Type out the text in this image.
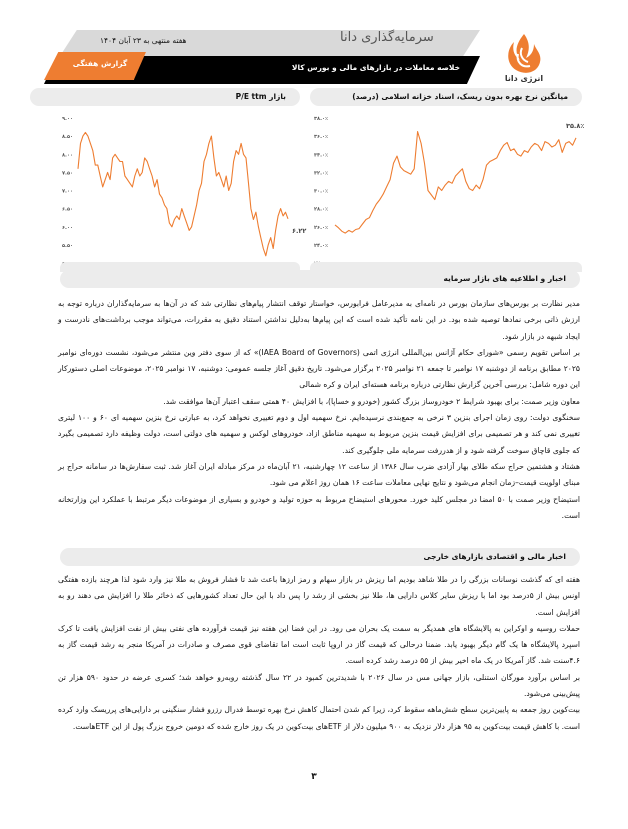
هفته منتهی به ۲۳ آبان ۱۴۰۴	سرمایه‌گذاری دانا
خلاصه معاملات در بازارهای مالی و بورس کالا
گزارش هفتگی
انرژی دانا
بازار P/E ttm
۵.۵۰
۶.۰۰
۶.۵۰
۷.۰۰
۷.۵۰
۸.۰۰
۸.۵۰
۹.۰۰
۶.۲۲
میانگین نرخ بهره بدون ریسک، اسناد خزانه اسلامی (درصد)
۲۴.۰٪
۲۶.۰٪
۲۸.۰٪
۳۰.۰٪
۳۲.۰٪
۳۴.۰٪
۳۶.۰٪
۳۸.۰٪
۳۵.۸٪
اخبار و اطلاعیه های بازار سرمایه

مدیر نظارت بر بورس‌های سازمان بورس در نامه‌ای به مدیرعامل فرابورس، خواستار توقف انتشار پیام‌های نظارتی شد که در آن‌ها به سرمایه‌گذاران درباره توجه به ارزش ذاتی برخی نمادها توصیه شده بود. در این نامه تأکید شده است که این پیام‌ها به‌دلیل نداشتن استناد دقیق به مقررات، می‌تواند موجب برداشت‌های نادرست و ایجاد شبهه در بازار شود.

بر اساس تقویم رسمی «شورای حکام آژانس بین‌المللی انرژی اتمی (IAEA Board of Governors)» که از سوی دفتر وین منتشر می‌شود، نشست دوره‌ای نوامبر ۲۰۲۵ مطابق برنامه از دوشنبه ۱۷ نوامبر تا جمعه ۲۱ نوامبر ۲۰۲۵ برگزار می‌شود. تاریخ دقیق آغاز جلسه عمومی: دوشنبه، ۱۷ نوامبر ۲۰۲۵، موضوعات اصلی دستورکار این دوره شامل: بررسی آخرین گزارش نظارتی درباره برنامه هسته‌ای ایران و کره شمالی

معاون وزیر صمت: برای بهبود شرایط ۲ خودروساز بزرگ کشور (خودرو و خساپا)، با افزایش ۴۰ همتی سقف اعتبار آن‌ها موافقت شد.

سخنگوی دولت: روی زمان اجرای بنزین ۳ نرخی به جمع‌بندی نرسیده‌ایم. نرخ سهمیه اول و دوم تغییری نخواهد کرد، به عبارتی نرخ بنزین سهمیه ای ۶۰ و ۱۰۰ لیتری تغییری نمی کند و هر تصمیمی برای افزایش قیمت بنزین مربوط به سهمیه مناطق ازاد، خودروهای لوکس و سهمیه های دولتی است، دولت وظیفه دارد تصمیمی بگیرد که جلوی قاچاق سوخت گرفته شود و از هدررفت سرمایه ملی جلوگیری کند.

هشتاد و هشتمین حراج سکه طلای بهار آزادی ضرب سال ۱۳۸۶ از ساعت ۱۲ چهارشنبه، ۲۱ آبان‌ماه در مرکز مبادله ایران آغاز شد. ثبت سفارش‌ها در سامانه حراج بر مبنای اولویت قیمت–زمان انجام می‌شود و نتایج نهایی معاملات ساعت ۱۶ همان روز اعلام می شود.

استیضاح وزیر صمت با ۵۰ امضا در مجلس کلید خورد. محورهای استیضاح مربوط به حوزه تولید و خودرو و بسیاری از موضوعات دیگر مرتبط با عملکرد این وزارتخانه است.

اخبار مالی و اقتصادی بازارهای خارجی

هفته ای که گذشت نوسانات بزرگی را در طلا شاهد بودیم اما ریزش در بازار سهام و رمز ارزها باعث شد تا فشار فروش به طلا نیز وارد شود لذا هرچند بازده هفتگی اونس بیش از ۵درصد بود اما با ریزش سایر کلاس دارایی ها، طلا نیز بخشی از رشد را پس داد با این حال تعداد کشورهایی که ذخائر طلا را افزایش می دهند رو به افزایش است.

حملات روسیه و اوکراین به پالایشگاه های همدیگر به سمت یک بحران می رود. در این فضا این هفته نیز قیمت فرآورده های نفتی بیش از نفت افزایش یافت تا کرک اسپرد پالایشگاه ها یک گام دیگر بهبود یابد. ضمنا درحالی که قیمت گاز در اروپا ثابت است اما تقاضای قوی مصرف و صادرات در آمریکا منجر به رشد قیمت گاز به ۴.۶سنت شد. گاز آمریکا در یک ماه اخیر بیش از ۵۵ درصد رشد کرده است.

بر اساس برآورد مورگان استنلی، بازار جهانی مس در سال ۲۰۲۶ با شدیدترین کمبود در ۲۲ سال گذشته روبه‌رو خواهد شد؛ کسری عرضه در حدود ۵۹۰ هزار تن پیش‌بینی می‌شود.

بیت‌کوین روز جمعه به پایین‌ترین سطح شش‌ماهه سقوط کرد، زیرا کم شدن احتمال کاهش نرخ بهره توسط فدرال رزرو فشار سنگینی بر دارایی‌های پرریسک وارد کرده است. با کاهش قیمت بیت‌کوین به ۹۵ هزار دلار نزدیک به ۹۰۰ میلیون دلار از ETFهای بیت‌کوین در یک روز خارج شده که دومین خروج بزرگ پول از این ETFهاست.

۳
